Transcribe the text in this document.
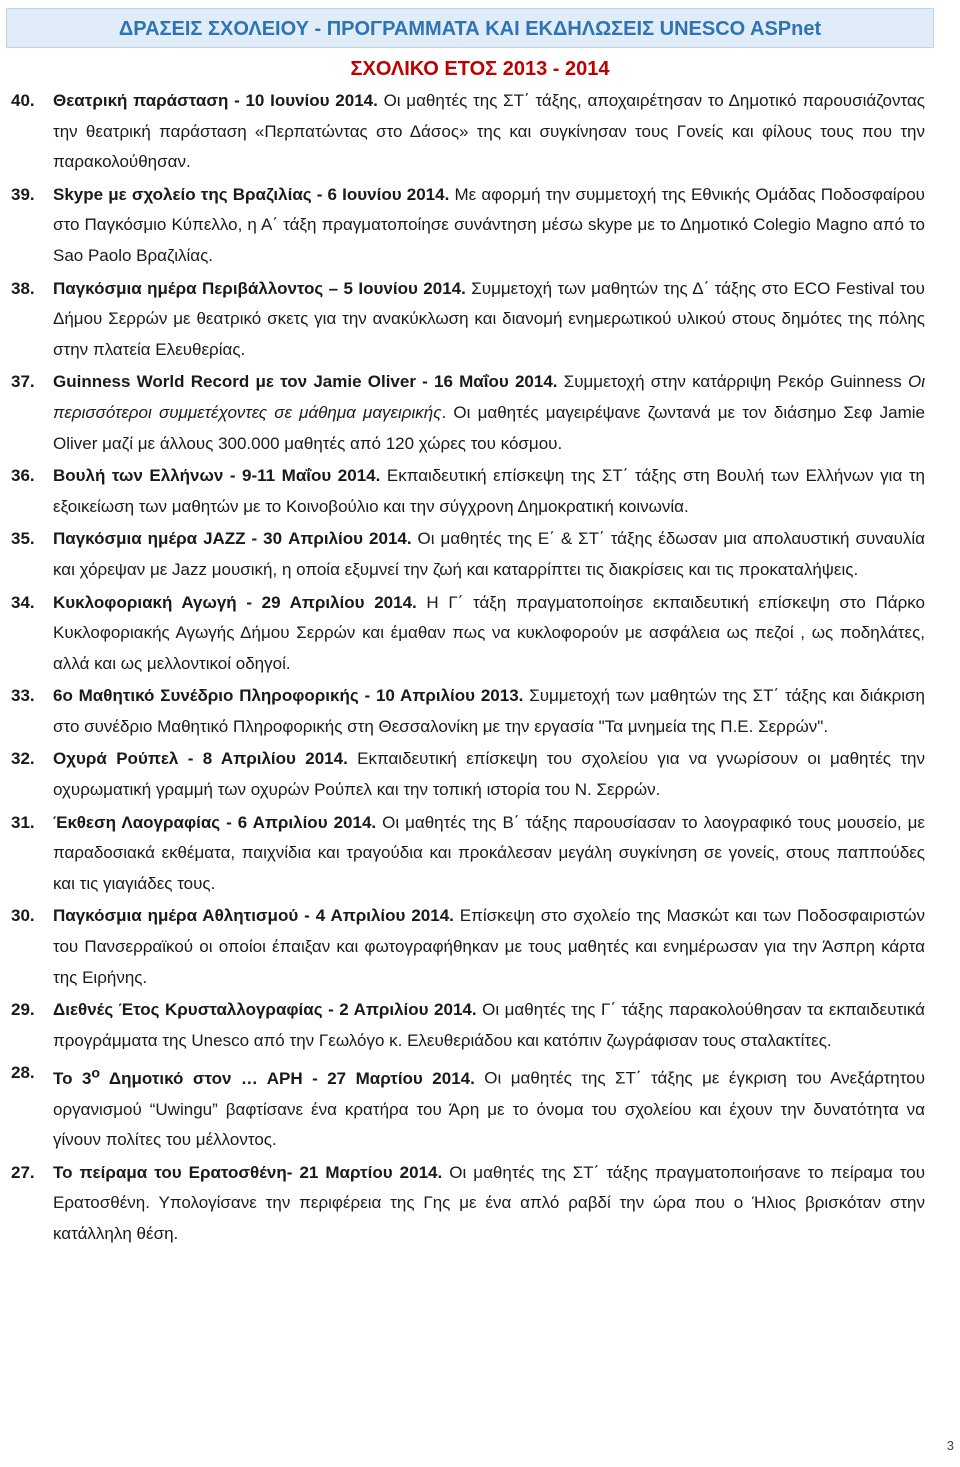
ΔΡΑΣΕΙΣ ΣΧΟΛΕΙΟΥ - ΠΡΟΓΡΑΜΜΑΤΑ ΚΑΙ ΕΚΔΗΛΩΣΕΙΣ UNESCO ASPnet
ΣΧΟΛΙΚΟ ΕΤΟΣ 2013 - 2014
40.	Θεατρική παράσταση - 10 Ιουνίου 2014. Οι μαθητές της ΣΤ΄ τάξης, αποχαιρέτησαν το Δημοτικό παρουσιάζοντας την θεατρική παράσταση «Περπατώντας στο Δάσος» της και συγκίνησαν τους Γονείς και φίλους τους που την παρακολούθησαν.
39.	Skype με σχολείο της Βραζιλίας - 6 Ιουνίου 2014. Με αφορμή την συμμετοχή της Εθνικής Ομάδας Ποδοσφαίρου στο Παγκόσμιο Κύπελλο, η Α΄ τάξη πραγματοποίησε συνάντηση μέσω skype με το Δημοτικό Colegio Magno από το Sao Paolo Βραζιλίας.
38.	Παγκόσμια ημέρα Περιβάλλοντος – 5 Ιουνίου 2014. Συμμετοχή των μαθητών της Δ΄ τάξης στο ECO Festival του Δήμου Σερρών με θεατρικό σκετς για την ανακύκλωση και διανομή ενημερωτικού υλικού στους δημότες της πόλης στην πλατεία Ελευθερίας.
37.	Guinness World Record με τον Jamie Oliver - 16 Μαΐου 2014. Συμμετοχή στην κατάρριψη Ρεκόρ Guinness Οι περισσότεροι συμμετέχοντες σε μάθημα μαγειρικής. Οι μαθητές μαγειρέψανε ζωντανά με τον διάσημο Σεφ Jamie Oliver μαζί με άλλους 300.000 μαθητές από 120 χώρες του κόσμου.
36.	Βουλή των Ελλήνων - 9-11 Μαΐου 2014. Εκπαιδευτική επίσκεψη της ΣΤ΄ τάξης στη Βουλή των Ελλήνων για τη εξοικείωση των μαθητών με το Κοινοβούλιο και την σύγχρονη Δημοκρατική κοινωνία.
35.	Παγκόσμια ημέρα JAZZ - 30 Απριλίου 2014. Οι μαθητές της Ε΄ & ΣΤ΄ τάξης έδωσαν μια απολαυστική συναυλία και χόρεψαν με Jazz μουσική, η οποία εξυμνεί την ζωή και καταρρίπτει τις διακρίσεις και τις προκαταλήψεις.
34.	Κυκλοφοριακή Αγωγή - 29 Απριλίου 2014. Η Γ΄ τάξη πραγματοποίησε εκπαιδευτική επίσκεψη στο Πάρκο Κυκλοφοριακής Αγωγής Δήμου Σερρών και έμαθαν πως να κυκλοφορούν με ασφάλεια ως πεζοί , ως ποδηλάτες, αλλά και ως μελλοντικοί οδηγοί.
33.	6ο Μαθητικό Συνέδριο Πληροφορικής - 10 Απριλίου 2013. Συμμετοχή των μαθητών της ΣΤ΄ τάξης και διάκριση στο συνέδριο Μαθητικό Πληροφορικής στη Θεσσαλονίκη με την εργασία "Τα μνημεία της Π.Ε. Σερρών".
32.	Οχυρά Ρούπελ - 8 Απριλίου 2014. Εκπαιδευτική επίσκεψη του σχολείου για να γνωρίσουν οι μαθητές την οχυρωματική γραμμή των οχυρών Ρούπελ και την τοπική ιστορία του Ν. Σερρών.
31.	Έκθεση Λαογραφίας - 6 Απριλίου 2014. Οι μαθητές της Β΄ τάξης παρουσίασαν το λαογραφικό τους μουσείο, με παραδοσιακά εκθέματα, παιχνίδια και τραγούδια και προκάλεσαν μεγάλη συγκίνηση σε γονείς, στους παππούδες και τις γιαγιάδες τους.
30.	Παγκόσμια ημέρα Αθλητισμού - 4 Απριλίου 2014. Επίσκεψη στο σχολείο της Μασκώτ και των Ποδοσφαιριστών του Πανσερραϊκού οι οποίοι έπαιξαν και φωτογραφήθηκαν με τους μαθητές και ενημέρωσαν για την Άσπρη κάρτα της Ειρήνης.
29.	Διεθνές Έτος Κρυσταλλογραφίας - 2 Απριλίου 2014. Οι μαθητές της Γ΄ τάξης παρακολούθησαν τα εκπαιδευτικά προγράμματα της Unesco από την Γεωλόγο κ. Ελευθεριάδου και κατόπιν ζωγράφισαν τους σταλακτίτες.
28.	Το $3^o$ Δημοτικό στον … ΑΡΗ - 27 Μαρτίου 2014. Οι μαθητές της ΣΤ΄ τάξης με έγκριση του Ανεξάρτητου οργανισμού “Uwingu” βαφτίσανε ένα κρατήρα του Άρη με το όνομα του σχολείου και έχουν την δυνατότητα να γίνουν πολίτες του μέλλοντος.
27.	Το πείραμα του Ερατοσθένη- 21 Μαρτίου 2014. Οι μαθητές της ΣΤ΄ τάξης πραγματοποιήσανε το πείραμα του Ερατοσθένη. Υπολογίσανε την περιφέρεια της Γης με ένα απλό ραβδί την ώρα που ο Ήλιος βρισκόταν στην κατάλληλη θέση.
3
